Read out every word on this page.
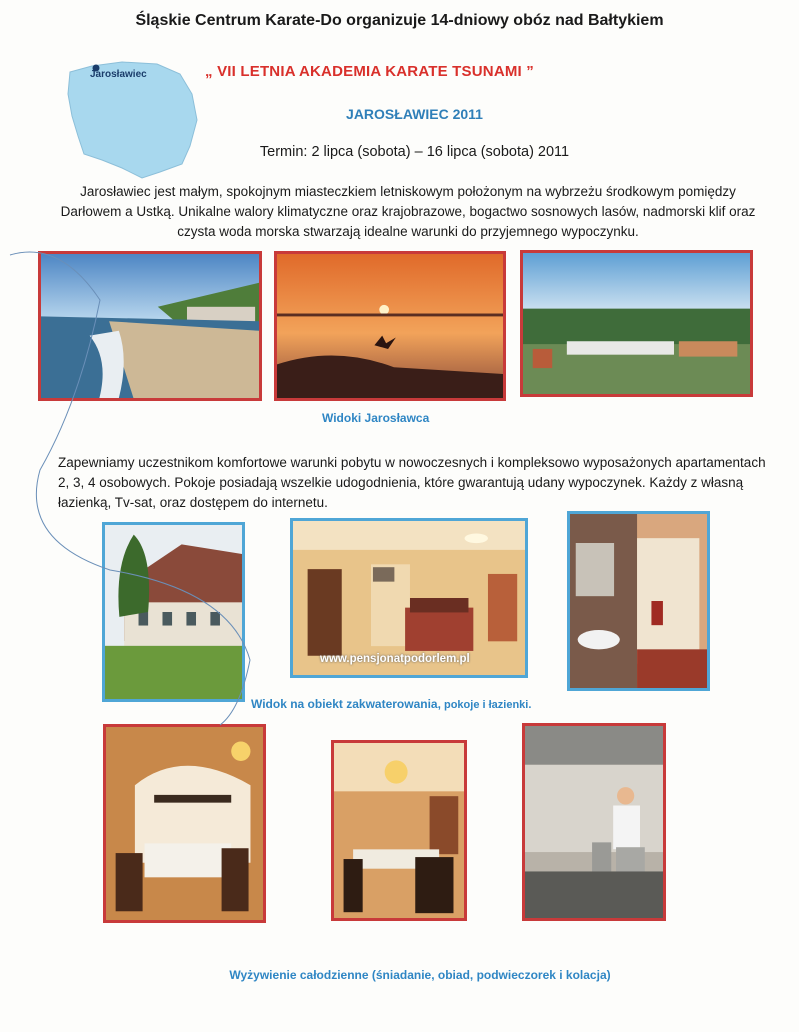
Śląskie Centrum Karate-Do organizuje 14-dniowy obóz nad Bałtykiem
Jarosławiec	„ VII LETNIA AKADEMIA KARATE TSUNAMI ”
JAROSŁAWIEC 2011
Termin: 2 lipca (sobota) – 16 lipca (sobota) 2011
Jarosławiec jest małym, spokojnym miasteczkiem letniskowym położonym na wybrzeżu środkowym pomiędzy Darłowem a Ustką. Unikalne walory klimatyczne oraz krajobrazowe, bogactwo sosnowych lasów, nadmorski klif oraz czysta woda morska stwarzają idealne warunki do przyjemnego wypoczynku.
Widoki Jarosławca
Zapewniamy uczestnikom komfortowe warunki pobytu w nowoczesnych i kompleksowo wyposażonych apartamentach 2, 3, 4 osobowych. Pokoje posiadają wszelkie udogodnienia, które gwarantują udany wypoczynek. Każdy z własną łazienką, Tv-sat, oraz dostępem do internetu.
www.pensjonatpodorlem.pl
Widok na obiekt zakwaterowania, pokoje i łazienki.
Wyżywienie całodzienne (śniadanie, obiad, podwieczorek i kolacja)
